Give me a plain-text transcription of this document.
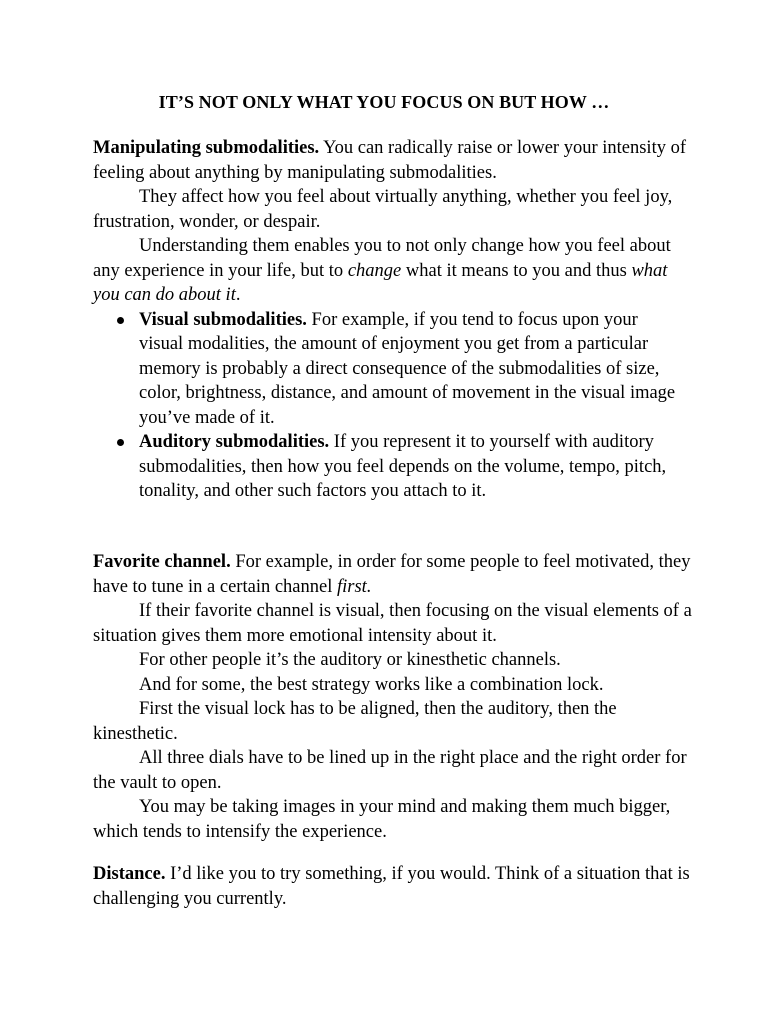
IT’S NOT ONLY WHAT YOU FOCUS ON BUT HOW …

Manipulating submodalities. You can radically raise or lower your intensity of feeling about anything by manipulating submodalities.

They affect how you feel about virtually anything, whether you feel joy, frustration, wonder, or despair.

Understanding them enables you to not only change how you feel about any experience in your life, but to change what it means to you and thus what you can do about it.

Visual submodalities. For example, if you tend to focus upon your visual modalities, the amount of enjoyment you get from a particular memory is probably a direct consequence of the submodalities of size, color, brightness, distance, and amount of movement in the visual image you’ve made of it.
Auditory submodalities. If you represent it to yourself with auditory submodalities, then how you feel depends on the volume, tempo, pitch, tonality, and other such factors you attach to it.

Favorite channel. For example, in order for some people to feel motivated, they have to tune in a certain channel first.

If their favorite channel is visual, then focusing on the visual elements of a situation gives them more emotional intensity about it.

For other people it’s the auditory or kinesthetic channels.

And for some, the best strategy works like a combination lock.

First the visual lock has to be aligned, then the auditory, then the kinesthetic.

All three dials have to be lined up in the right place and the right order for the vault to open.

You may be taking images in your mind and making them much bigger, which tends to intensify the experience.

Distance. I’d like you to try something, if you would. Think of a situation that is challenging you currently.
